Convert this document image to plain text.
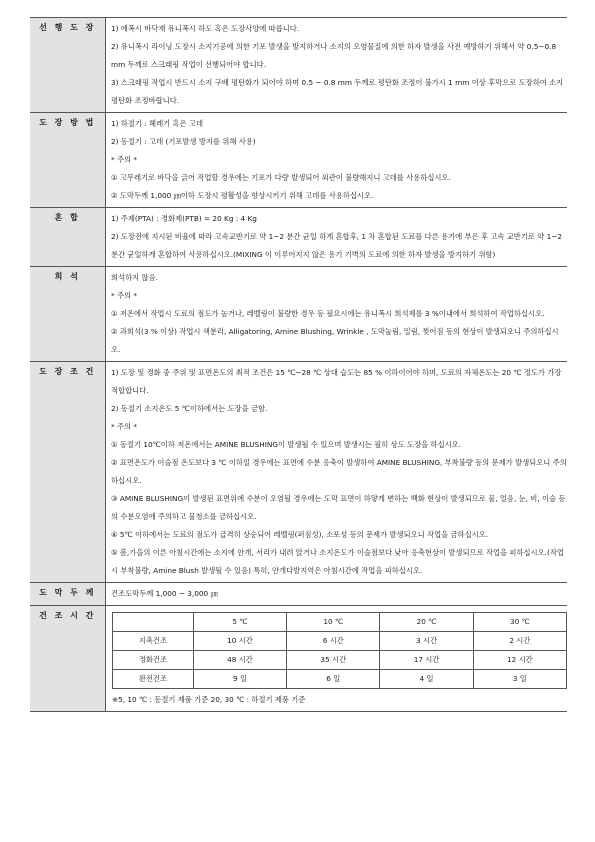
선 행 도 장	1) 에폭시 바닥재 유니폭시 하도 혹은 도장사양에 따릅니다.

2) 유니폭시 라이닝 도장시 소지기공에 의한 기포 발생을 방지하거나 소지의 오염물질에 의한 하자 발생을 사전 예방하기 위해서 약 0.5~0.8 mm 두께로 스크래핑 작업이 선행되어야 합니다.

3) 스크래핑 작업시 반드시 소지 구배 평탄화가 되어야 하며 0.5 ~ 0.8 mm 두께로 평탄화 조정이 불가시 1 mm 이상 후막으로 도장하여 소지 평탄화 조정바랍니다.

도 장 방 법	1) 하절기 : 헤레기 혹은 고데

2) 동절기 : 고데 (기포발생 방지를 위해 사용)

* 주의 *

① 고무레기로 바닥을 긁어 작업할 경우에는 기포가 다량 발생되어 외관이 불량해지니 고데를 사용하십시오.

② 도막두께 1,000 ㎛이하 도장시 평활성을 향상시키기 위해 고데를 사용하십시오.

혼 합	1) 주제(PTA) : 경화제(PTB) = 20 Kg : 4 Kg

2) 도장전에 지시된 비율에 따라 고속교반기로 약 1~2 분간 균일 하게 혼합후, 1 차 혼합된 도료를 다른 용기에 부은 후 고속 교반기로 약 1~2 분간 균일하게 혼합하여 사용하십시오.(MIXING 이 이루어지지 않은 용기 기벽의 도료에 의한 하자 발생을 방지하기 위함)

희 석	희석하지 않음.

* 주의 *

① 저온에서 작업시 도료의 점도가 높거나, 레벨링이 불량한 경우 등 필요시에는 유니폭시 희석제를 3 %이내에서 희석하여 작업하십시오.

② 과희석(3 % 이상) 작업시 색분리, Alligatoring, Amine Blushing, Wrinkle , 도막눌림, 밀림, 찢어짐 등의 현상이 발생되오니 주의하십시오.

도 장 조 건	1) 도장 및 경화 중 주위 및 표면온도의 최적 조건은 15 ℃~28 ℃ 상대 습도는 85 % 이하이어야 하며, 도료의 자체온도는 20 ℃ 정도가 가장 적합합니다.

2) 동절기 소지온도 5 ℃이하에서는 도장을 금함.

* 주의 *

① 동절기 10℃이하 저온에서는 AMINE BLUSHING이 발생될 수 있으며 발생시는 필히 상도 도장을 하십시오.

② 표면온도가 이슬점 온도보다 3 ℃ 이하일 경우에는 표면에 수분 응축이 발생하여 AMINE BLUSHING, 부착불량 등의 문제가 발생되오니 주의하십시오.

③ AMINE BLUSHING이 발생된 표면위에 수분이 오염될 경우에는 도막 표면이 하얗게 변하는 백화 현상이 발생되므로 물, 얼음, 눈, 비, 이슬 등의 수분오염에 주의하고 물청소를 금하십시오.

④ 5℃ 이하에서는 도료의 점도가 급격히 상승되어 레벨링(퍼짐성), 소포성 등의 문제가 발생되오니 작업을 금하십시오.

⑤ 봄,가을의 이른 아침시간에는 소지에 안개, 서리가 내려 앉거나 소지온도가 이슬점보다 낮아 응축현상이 발생되므로 작업을 피하십시오.(작업시 부착불량, Amine Blush 발생될 수 있음) 특히, 안개다발지역은 아침시간에 작업을 피하십시오.

도 막 두 께	건조도막두께 1,000 ~ 3,000 ㎛

건 조 시 간
	5 ℃	10 ℃	20 ℃	30 ℃
지촉건조	10 시간	6 시간	3 시간	2 시간
경화건조	48 시간	35 시간	17 시간	12 시간
완전건조	9 일	6 일	4 일	3 일

※5, 10 ℃ : 동절기 제품 기준 20, 30 ℃ : 하절기 제품 기준
